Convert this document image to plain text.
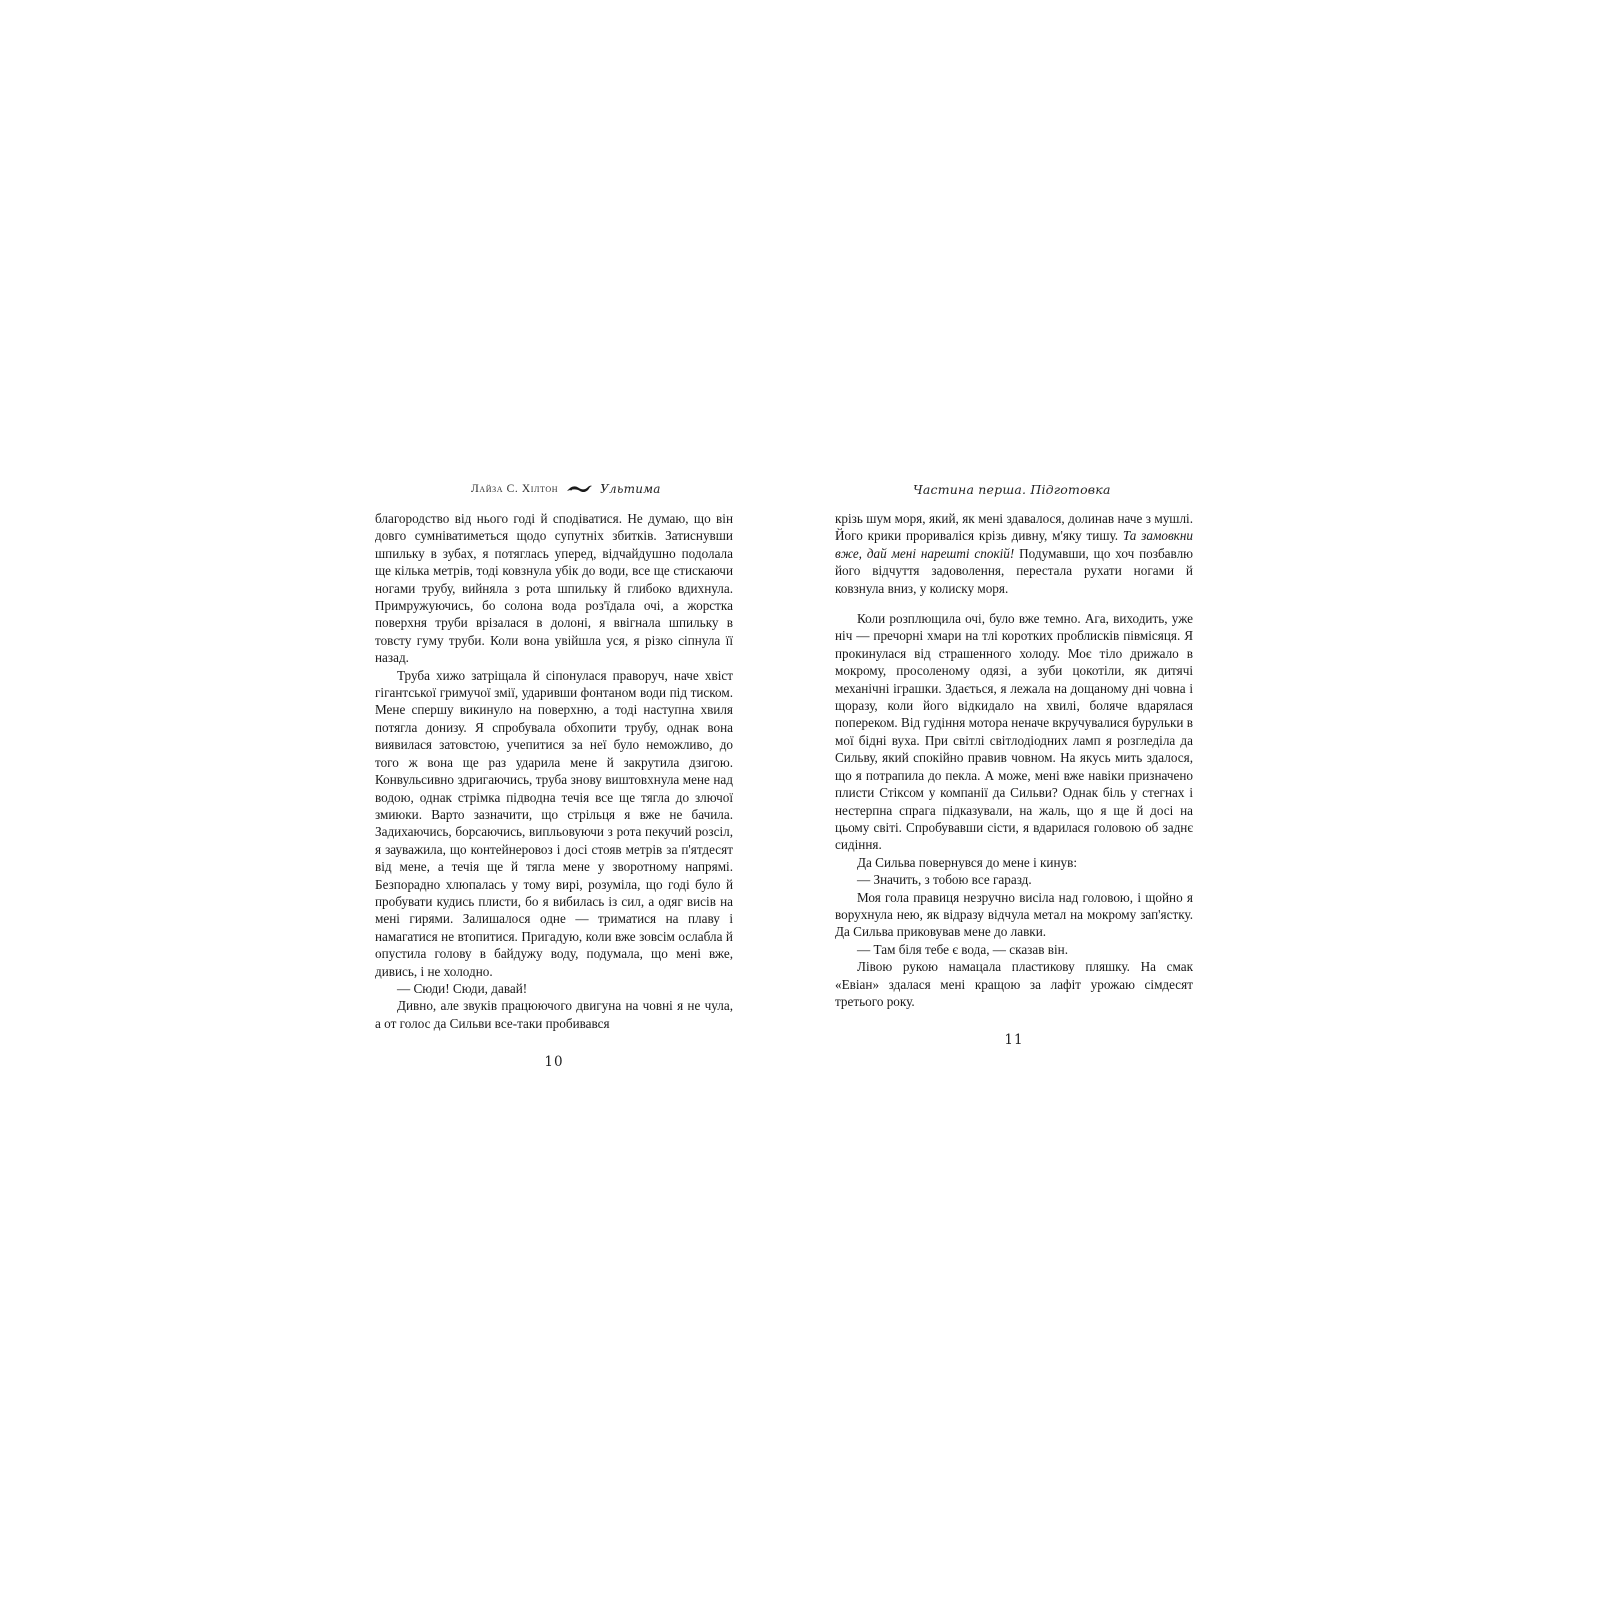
Лайза С. Хілтон	Ультима

благородство від нього годі й сподіватися. Не думаю, що він довго сумніватиметься щодо супутніх збитків. Затиснувши шпильку в зубах, я потяглась уперед, відчайдушно подолала ще кілька метрів, тоді ковзнула убік до води, все ще стискаючи ногами трубу, вийняла з рота шпильку й глибоко вдихнула. Примружуючись, бо солона вода роз'їдала очі, а жорстка поверхня труби врізалася в долоні, я ввігнала шпильку в товсту гуму труби. Коли вона увійшла уся, я різко сіпнула її назад.

Труба хижо затріщала й сіпонулася праворуч, наче хвіст гігантської гримучої змії, ударивши фонтаном води під тиском. Мене спершу викинуло на поверхню, а тоді наступна хвиля потягла донизу. Я спробувала обхопити трубу, однак вона виявилася затовстою, учепитися за неї було неможливо, до того ж вона ще раз ударила мене й закрутила дзигою. Конвульсивно здригаючись, труба знову виштовхнула мене над водою, однак стрімка підводна течія все ще тягла до злючої змиюки. Варто зазначити, що стрільця я вже не бачила. Задихаючись, борсаючись, випльовуючи з рота пекучий розсіл, я зауважила, що контейнеровоз і досі стояв метрів за п'ятдесят від мене, а течія ще й тягла мене у зворотному напрямі. Безпорадно хлюпалась у тому вирі, розуміла, що годі було й пробувати кудись плисти, бо я вибилась із сил, а одяг висів на мені гирями. Залишалося одне — триматися на плаву і намагатися не втопитися. Пригадую, коли вже зовсім ослабла й опустила голову в байдужу воду, подумала, що мені вже, дивись, і не холодно.

— Сюди! Сюди, давай!

Дивно, але звуків працюючого двигуна на човні я не чула, а от голос да Сильви все-таки пробивався

10
Частина перша. Підготовка

крізь шум моря, який, як мені здавалося, долинав наче з мушлі. Його крики прориваліся крізь дивну, м'яку тишу. Та замовкни вже, дай мені нарешті спокій! Подумавши, що хоч позбавлю його відчуття задоволення, перестала рухати ногами й ковзнула вниз, у колиску моря.

Коли розплющила очі, було вже темно. Ага, виходить, уже ніч — пречорні хмари на тлі коротких проблисків півмісяця. Я прокинулася від страшенного холоду. Моє тіло дрижало в мокрому, просоленому одязі, а зуби цокотіли, як дитячі механічні іграшки. Здається, я лежала на дощаному дні човна і щоразу, коли його відкидало на хвилі, боляче вдарялася попереком. Від гудіння мотора неначе вкручувалися бурульки в мої бідні вуха. При світлі світлодіодних ламп я розгледіла да Сильву, який спокійно правив човном. На якусь мить здалося, що я потрапила до пекла. А може, мені вже навіки призначено плисти Стіксом у компанії да Сильви? Однак біль у стегнах і нестерпна спрага підказували, на жаль, що я ще й досі на цьому світі. Спробувавши сісти, я вдарилася головою об заднє сидіння.

Да Сильва повернувся до мене і кинув:

— Значить, з тобою все гаразд.

Моя гола правиця незручно висіла над головою, і щойно я ворухнула нею, як відразу відчула метал на мокрому зап'ястку. Да Сильва приковував мене до лавки.

— Там біля тебе є вода, — сказав він.

Лівою рукою намацала пластикову пляшку. На смак «Евіан» здалася мені кращою за лафіт урожаю сімдесят третього року.

11
